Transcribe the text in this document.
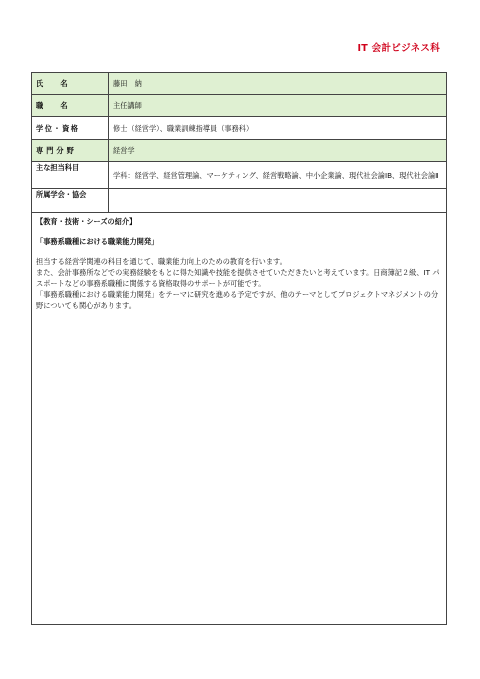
IT 会計ビジネス科
氏　名	藤田　納
職　名	主任講師
学位・資格	修士（経営学）、職業訓練指導員（事務科）
専門分野	経営学
主な担当科目	学科：経営学、経営管理論、マーケティング、経営戦略論、中小企業論、現代社会論ⅠB、現代社会論Ⅱ
所属学会・協会	
【教育・技術・シーズの紹介】
「事務系職種における職業能力開発」

担当する経営学関連の科目を通じて、職業能力向上のための教育を行います。

また、会計事務所などでの実務経験をもとに得た知識や技能を提供させていただきたいと考えています。日商簿記２級、IT パスポートなどの事務系職種に関係する資格取得のサポートが可能です。

「事務系職種における職業能力開発」をテーマに研究を進める予定ですが、他のテーマとしてプロジェクトマネジメントの分野についても関心があります。
